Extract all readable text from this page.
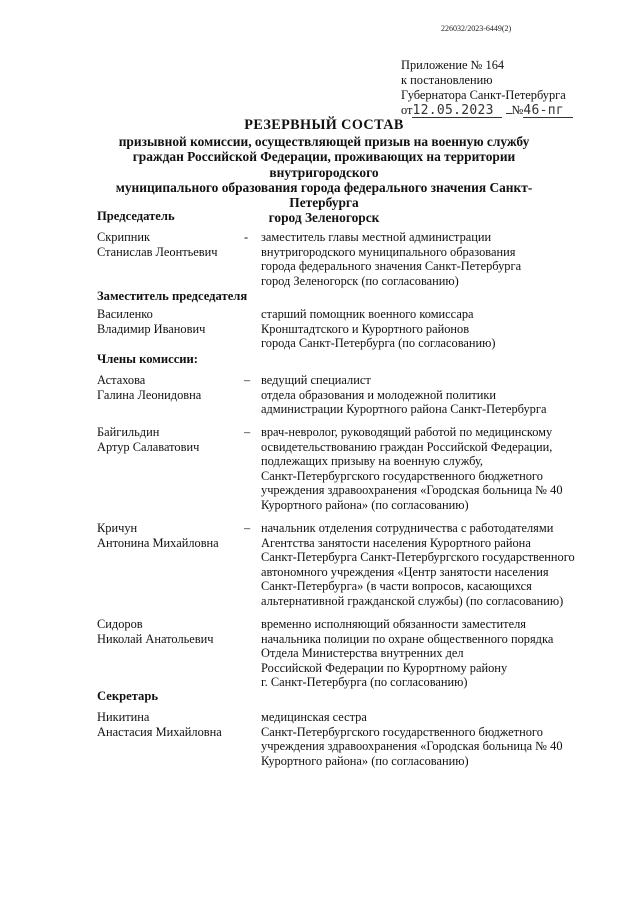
226032/2023-6449(2)
Приложение № 164
к постановлению
Губернатора Санкт-Петербурга
от12.05.2023 №46-пг
РЕЗЕРВНЫЙ СОСТАВ
призывной комиссии, осуществляющей призыв на военную службу
граждан Российской Федерации, проживающих на территории внутригородского
муниципального образования города федерального значения Санкт-Петербурга
город Зеленогорск
Председатель
Скрипник
Станислав Леонтьевич
- заместитель главы местной администрации
внутригородского муниципального образования
города федерального значения Санкт-Петербурга
город Зеленогорск (по согласованию)
Заместитель председателя
Василенко
Владимир Иванович
старший помощник военного комиссара
Кронштадтского и Курортного районов
города Санкт-Петербурга (по согласованию)
Члены комиссии:
Астахова
Галина Леонидовна
– ведущий специалист
отдела образования и молодежной политики
администрации Курортного района Санкт-Петербурга
Байгильдин
Артур Салаватович
– врач-невролог, руководящий работой по медицинскому
освидетельствованию граждан Российской Федерации,
подлежащих призыву на военную службу,
Санкт-Петербургского государственного бюджетного
учреждения здравоохранения «Городская больница № 40
Курортного района» (по согласованию)
Кричун
Антонина Михайловна
– начальник отделения сотрудничества с работодателями
Агентства занятости населения Курортного района
Санкт-Петербурга Санкт-Петербургского государственного
автономного учреждения «Центр занятости населения
Санкт-Петербурга» (в части вопросов, касающихся
альтернативной гражданской службы) (по согласованию)
Сидоров
Николай Анатольевич
временно исполняющий обязанности заместителя
начальника полиции по охране общественного порядка
Отдела Министерства внутренних дел
Российской Федерации по Курортному району
г. Санкт-Петербурга (по согласованию)
Секретарь
Никитина
Анастасия Михайловна
медицинская сестра
Санкт-Петербургского государственного бюджетного
учреждения здравоохранения «Городская больница № 40
Курортного района» (по согласованию)
